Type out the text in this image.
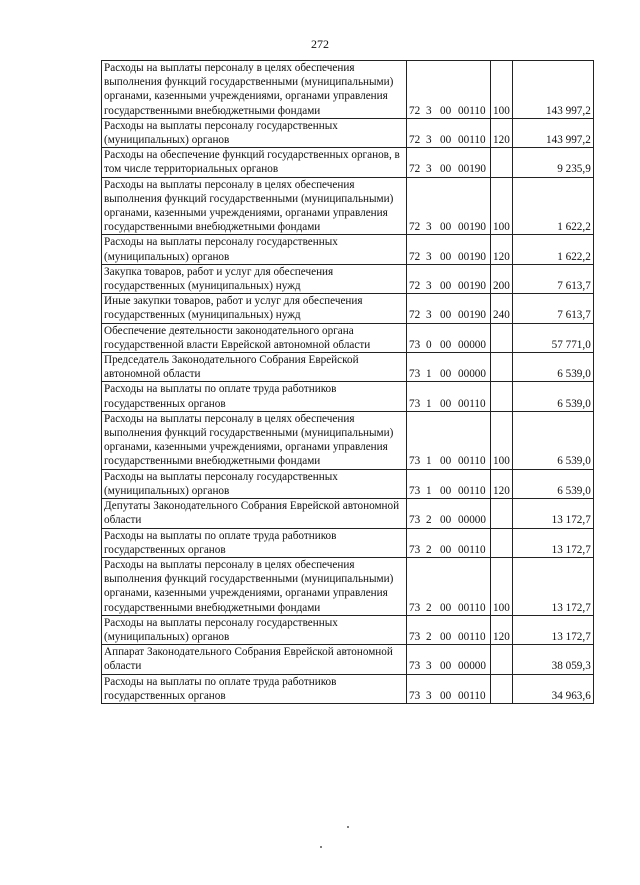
272
Расходы на выплаты персоналу в целях обеспечения выполнения функций государственными (муниципальными) органами, казенными учреждениями, органами управления государственными внебюджетными фондами	72 3 00 00110	100	143 997,2
Расходы на выплаты персоналу государственных (муниципальных) органов	72 3 00 00110	120	143 997,2
Расходы на обеспечение функций государственных органов, в том числе территориальных органов	72 3 00 00190		9 235,9
Расходы на выплаты персоналу в целях обеспечения выполнения функций государственными (муниципальными) органами, казенными учреждениями, органами управления государственными внебюджетными фондами	72 3 00 00190	100	1 622,2
Расходы на выплаты персоналу государственных (муниципальных) органов	72 3 00 00190	120	1 622,2
Закупка товаров, работ и услуг для обеспечения государственных (муниципальных) нужд	72 3 00 00190	200	7 613,7
Иные закупки товаров, работ и услуг для обеспечения государственных (муниципальных) нужд	72 3 00 00190	240	7 613,7
Обеспечение деятельности законодательного органа государственной власти Еврейской автономной области	73 0 00 00000		57 771,0
Председатель Законодательного Собрания Еврейской автономной области	73 1 00 00000		6 539,0
Расходы на выплаты по оплате труда работников государственных органов	73 1 00 00110		6 539,0
Расходы на выплаты персоналу в целях обеспечения выполнения функций государственными (муниципальными) органами, казенными учреждениями, органами управления государственными внебюджетными фондами	73 1 00 00110	100	6 539,0
Расходы на выплаты персоналу государственных (муниципальных) органов	73 1 00 00110	120	6 539,0
Депутаты Законодательного Собрания Еврейской автономной области	73 2 00 00000		13 172,7
Расходы на выплаты по оплате труда работников государственных органов	73 2 00 00110		13 172,7
Расходы на выплаты персоналу в целях обеспечения выполнения функций государственными (муниципальными) органами, казенными учреждениями, органами управления государственными внебюджетными фондами	73 2 00 00110	100	13 172,7
Расходы на выплаты персоналу государственных (муниципальных) органов	73 2 00 00110	120	13 172,7
Аппарат Законодательного Собрания Еврейской автономной области	73 3 00 00000		38 059,3
Расходы на выплаты по оплате труда работников государственных органов	73 3 00 00110		34 963,6
